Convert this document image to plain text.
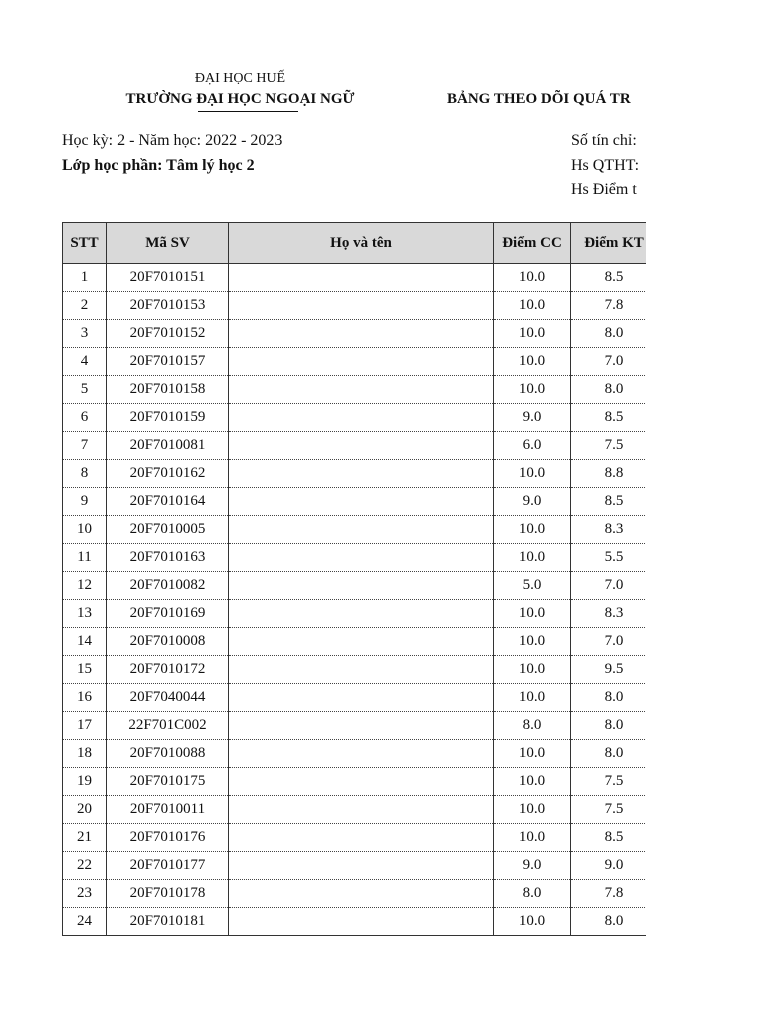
ĐẠI HỌC HUẾ
TRƯỜNG ĐẠI HỌC NGOẠI NGỮ	BẢNG THEO DÕI QUÁ TR
Học kỳ: 2 - Năm học: 2022 - 2023
Lớp học phần: Tâm lý học 2
Số tín chỉ:
Hs QTHT:
Hs Điểm t
STT	Mã SV	Họ và tên	Điểm CC	Điểm KT
1	20F7010151		10.0	8.5
2	20F7010153		10.0	7.8
3	20F7010152		10.0	8.0
4	20F7010157		10.0	7.0
5	20F7010158		10.0	8.0
6	20F7010159		9.0	8.5
7	20F7010081		6.0	7.5
8	20F7010162		10.0	8.8
9	20F7010164		9.0	8.5
10	20F7010005		10.0	8.3
11	20F7010163		10.0	5.5
12	20F7010082		5.0	7.0
13	20F7010169		10.0	8.3
14	20F7010008		10.0	7.0
15	20F7010172		10.0	9.5
16	20F7040044		10.0	8.0
17	22F701C002		8.0	8.0
18	20F7010088		10.0	8.0
19	20F7010175		10.0	7.5
20	20F7010011		10.0	7.5
21	20F7010176		10.0	8.5
22	20F7010177		9.0	9.0
23	20F7010178		8.0	7.8
24	20F7010181		10.0	8.0
